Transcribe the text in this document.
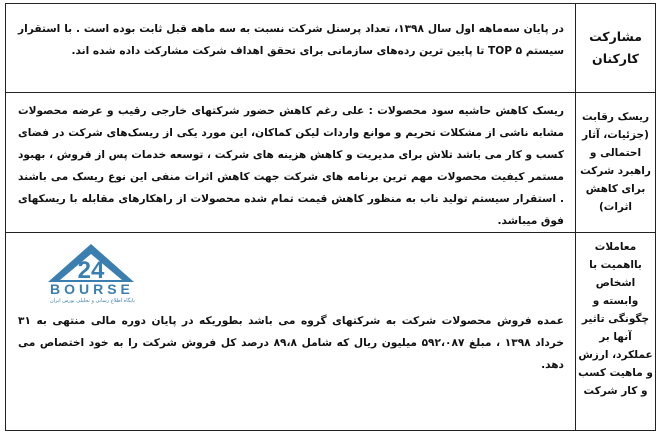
مشارکت
کارکنان

در پایان سه‌ماهه اول سال ۱۳۹۸، تعداد پرسنل شرکت نسبت به سه ماهه قبل ثابت بوده است . با استقرار سیستم TOP ۵ تا پایین ترین رده‌های سازمانی برای تحقق اهداف شرکت مشارکت داده شده اند.

ریسک رقابت
(جزئیات، آثار
احتمالی و
راهبرد شرکت
برای کاهش
اثرات)

ریسک کاهش حاشیه سود محصولات : علی رغم کاهش حضور شرکتهای خارجی رقیب و عرضه محصولات مشابه ناشی از مشکلات تحریم و موانع واردات لیکن کماکان، این مورد یکی از ریسک‌های شرکت در فضای کسب و کار می باشد تلاش برای مدیریت و کاهش هزینه های شرکت ، توسعه خدمات پس از فروش ، بهبود مستمر کیفیت محصولات مهم ترین برنامه های شرکت جهت کاهش اثرات منفی این نوع ریسک می باشند . استقرار سیستم تولید ناب به منظور کاهش قیمت تمام شده محصولات از راهکارهای مقابله با ریسکهای فوق میباشد.

معاملات
بااهمیت با
اشخاص
وابسته و
چگونگی تاثیر
آنها بر
عملکرد، ارزش
و ماهیت کسب
و کار شرکت
24
BOURSE
پایگاه اطلاع رسانی و تحلیلی بورس ایران

عمده فروش محصولات شرکت به شرکتهای گروه می باشد بطوریکه در پایان دوره مالی منتهی به ۳۱ خرداد ۱۳۹۸ ، مبلغ ۵۹۲،۰۸۷ میلیون ریال که شامل ۸۹،۸ درصد کل فروش شرکت را به خود اختصاص می دهد.
